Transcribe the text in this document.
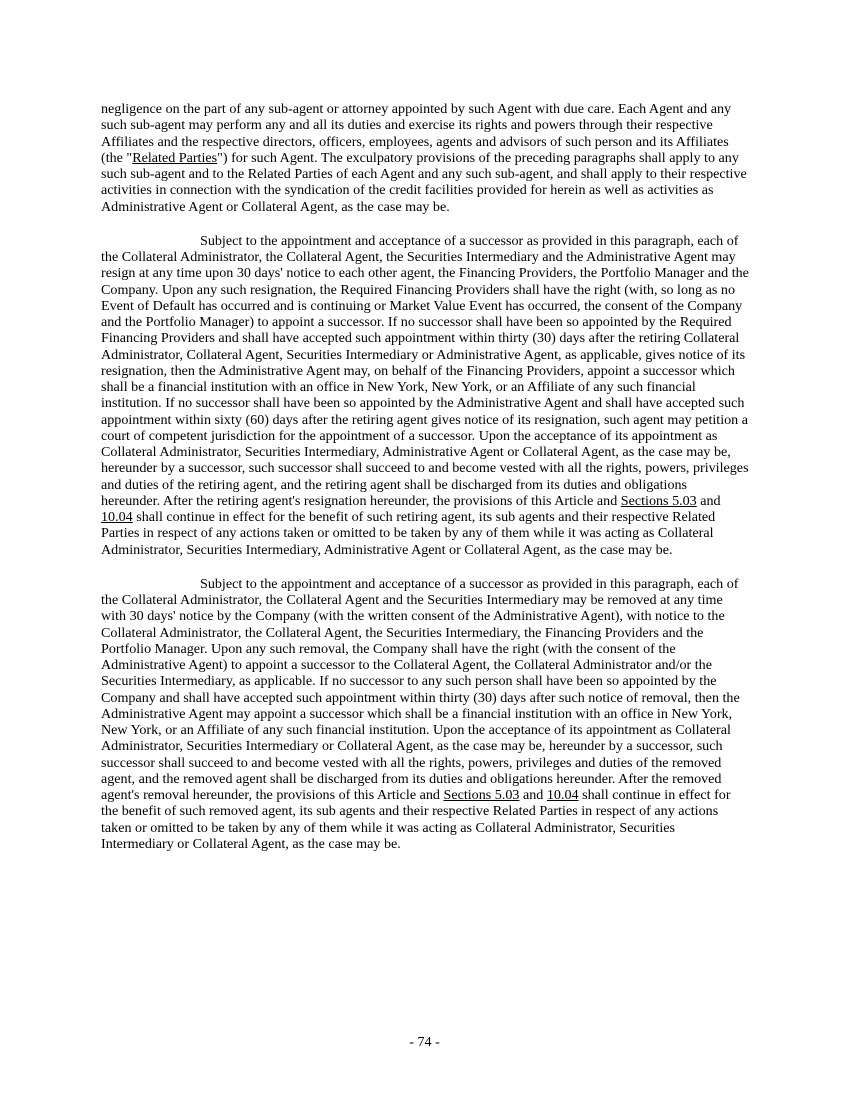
negligence on the part of any sub-agent or attorney appointed by such Agent with due care. Each Agent and any such sub-agent may perform any and all its duties and exercise its rights and powers through their respective Affiliates and the respective directors, officers, employees, agents and advisors of such person and its Affiliates (the "Related Parties") for such Agent. The exculpatory provisions of the preceding paragraphs shall apply to any such sub-agent and to the Related Parties of each Agent and any such sub-agent, and shall apply to their respective activities in connection with the syndication of the credit facilities provided for herein as well as activities as Administrative Agent or Collateral Agent, as the case may be.

Subject to the appointment and acceptance of a successor as provided in this paragraph, each of the Collateral Administrator, the Collateral Agent, the Securities Intermediary and the Administrative Agent may resign at any time upon 30 days' notice to each other agent, the Financing Providers, the Portfolio Manager and the Company. Upon any such resignation, the Required Financing Providers shall have the right (with, so long as no Event of Default has occurred and is continuing or Market Value Event has occurred, the consent of the Company and the Portfolio Manager) to appoint a successor. If no successor shall have been so appointed by the Required Financing Providers and shall have accepted such appointment within thirty (30) days after the retiring Collateral Administrator, Collateral Agent, Securities Intermediary or Administrative Agent, as applicable, gives notice of its resignation, then the Administrative Agent may, on behalf of the Financing Providers, appoint a successor which shall be a financial institution with an office in New York, New York, or an Affiliate of any such financial institution. If no successor shall have been so appointed by the Administrative Agent and shall have accepted such appointment within sixty (60) days after the retiring agent gives notice of its resignation, such agent may petition a court of competent jurisdiction for the appointment of a successor. Upon the acceptance of its appointment as Collateral Administrator, Securities Intermediary, Administrative Agent or Collateral Agent, as the case may be, hereunder by a successor, such successor shall succeed to and become vested with all the rights, powers, privileges and duties of the retiring agent, and the retiring agent shall be discharged from its duties and obligations hereunder. After the retiring agent's resignation hereunder, the provisions of this Article and Sections 5.03 and 10.04 shall continue in effect for the benefit of such retiring agent, its sub agents and their respective Related Parties in respect of any actions taken or omitted to be taken by any of them while it was acting as Collateral Administrator, Securities Intermediary, Administrative Agent or Collateral Agent, as the case may be.

Subject to the appointment and acceptance of a successor as provided in this paragraph, each of the Collateral Administrator, the Collateral Agent and the Securities Intermediary may be removed at any time with 30 days' notice by the Company (with the written consent of the Administrative Agent), with notice to the Collateral Administrator, the Collateral Agent, the Securities Intermediary, the Financing Providers and the Portfolio Manager. Upon any such removal, the Company shall have the right (with the consent of the Administrative Agent) to appoint a successor to the Collateral Agent, the Collateral Administrator and/or the Securities Intermediary, as applicable. If no successor to any such person shall have been so appointed by the Company and shall have accepted such appointment within thirty (30) days after such notice of removal, then the Administrative Agent may appoint a successor which shall be a financial institution with an office in New York, New York, or an Affiliate of any such financial institution. Upon the acceptance of its appointment as Collateral Administrator, Securities Intermediary or Collateral Agent, as the case may be, hereunder by a successor, such successor shall succeed to and become vested with all the rights, powers, privileges and duties of the removed agent, and the removed agent shall be discharged from its duties and obligations hereunder. After the removed agent's removal hereunder, the provisions of this Article and Sections 5.03 and 10.04 shall continue in effect for the benefit of such removed agent, its sub agents and their respective Related Parties in respect of any actions taken or omitted to be taken by any of them while it was acting as Collateral Administrator, Securities Intermediary or Collateral Agent, as the case may be.

- 74 -
